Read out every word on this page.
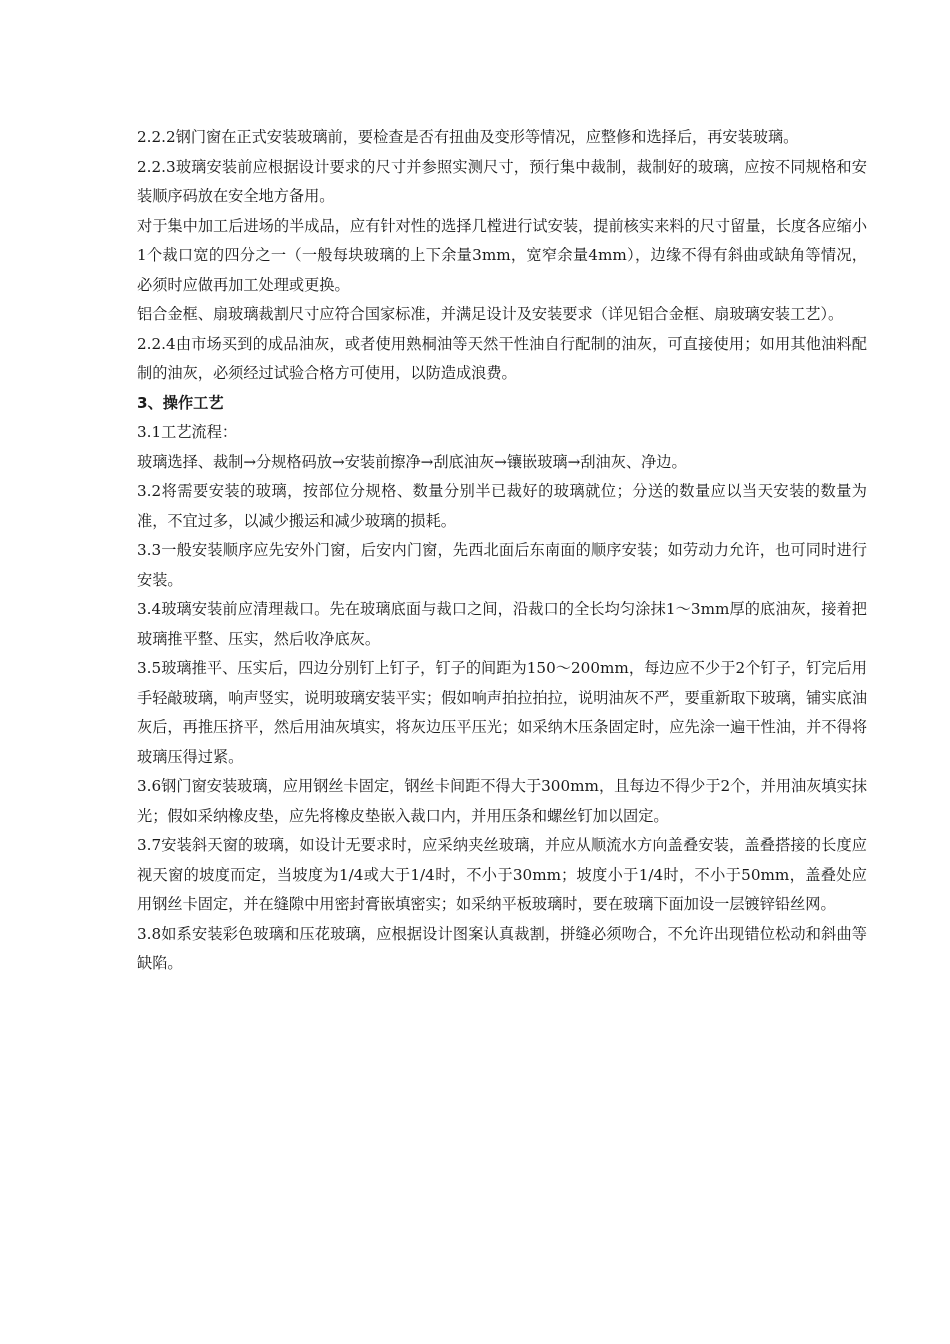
2.2.2钢门窗在正式安装玻璃前，要检查是否有扭曲及变形等情况，应整修和选择后，再安装玻璃。

2.2.3玻璃安装前应根据设计要求的尺寸并参照实测尺寸，预行集中裁制，裁制好的玻璃，应按不同规格和安装顺序码放在安全地方备用。

对于集中加工后进场的半成品，应有针对性的选择几樘进行试安装，提前核实来料的尺寸留量，长度各应缩小1个裁口宽的四分之一（一般每块玻璃的上下余量3mm，宽窄余量4mm），边缘不得有斜曲或缺角等情况，必须时应做再加工处理或更换。

铝合金框、扇玻璃裁割尺寸应符合国家标准，并满足设计及安装要求（详见铝合金框、扇玻璃安装工艺）。

2.2.4由市场买到的成品油灰，或者使用熟桐油等天然干性油自行配制的油灰，可直接使用；如用其他油料配制的油灰，必须经过试验合格方可使用，以防造成浪费。

3、操作工艺

3.1工艺流程：

玻璃选择、裁制→分规格码放→安装前擦净→刮底油灰→镶嵌玻璃→刮油灰、净边。

3.2将需要安装的玻璃，按部位分规格、数量分别半已裁好的玻璃就位；分送的数量应以当天安装的数量为准，不宜过多，以减少搬运和减少玻璃的损耗。

3.3一般安装顺序应先安外门窗，后安内门窗，先西北面后东南面的顺序安装；如劳动力允许，也可同时进行安装。

3.4玻璃安装前应清理裁口。先在玻璃底面与裁口之间，沿裁口的全长均匀涂抹1～3mm厚的底油灰，接着把玻璃推平整、压实，然后收净底灰。

3.5玻璃推平、压实后，四边分别钉上钉子，钉子的间距为150～200mm，每边应不少于2个钉子，钉完后用手轻敲玻璃，响声竖实，说明玻璃安装平实；假如响声拍拉拍拉，说明油灰不严，要重新取下玻璃，铺实底油灰后，再推压挤平，然后用油灰填实，将灰边压平压光；如采纳木压条固定时，应先涂一遍干性油，并不得将玻璃压得过紧。

3.6钢门窗安装玻璃，应用钢丝卡固定，钢丝卡间距不得大于300mm，且每边不得少于2个，并用油灰填实抹光；假如采纳橡皮垫，应先将橡皮垫嵌入裁口内，并用压条和螺丝钉加以固定。

3.7安装斜天窗的玻璃，如设计无要求时，应采纳夹丝玻璃，并应从顺流水方向盖叠安装，盖叠搭接的长度应视天窗的坡度而定，当坡度为1/4或大于1/4时，不小于30mm；坡度小于1/4时，不小于50mm，盖叠处应用钢丝卡固定，并在缝隙中用密封膏嵌填密实；如采纳平板玻璃时，要在玻璃下面加设一层镀锌铅丝网。

3.8如系安装彩色玻璃和压花玻璃，应根据设计图案认真裁割，拼缝必须吻合，不允许出现错位松动和斜曲等缺陷。
